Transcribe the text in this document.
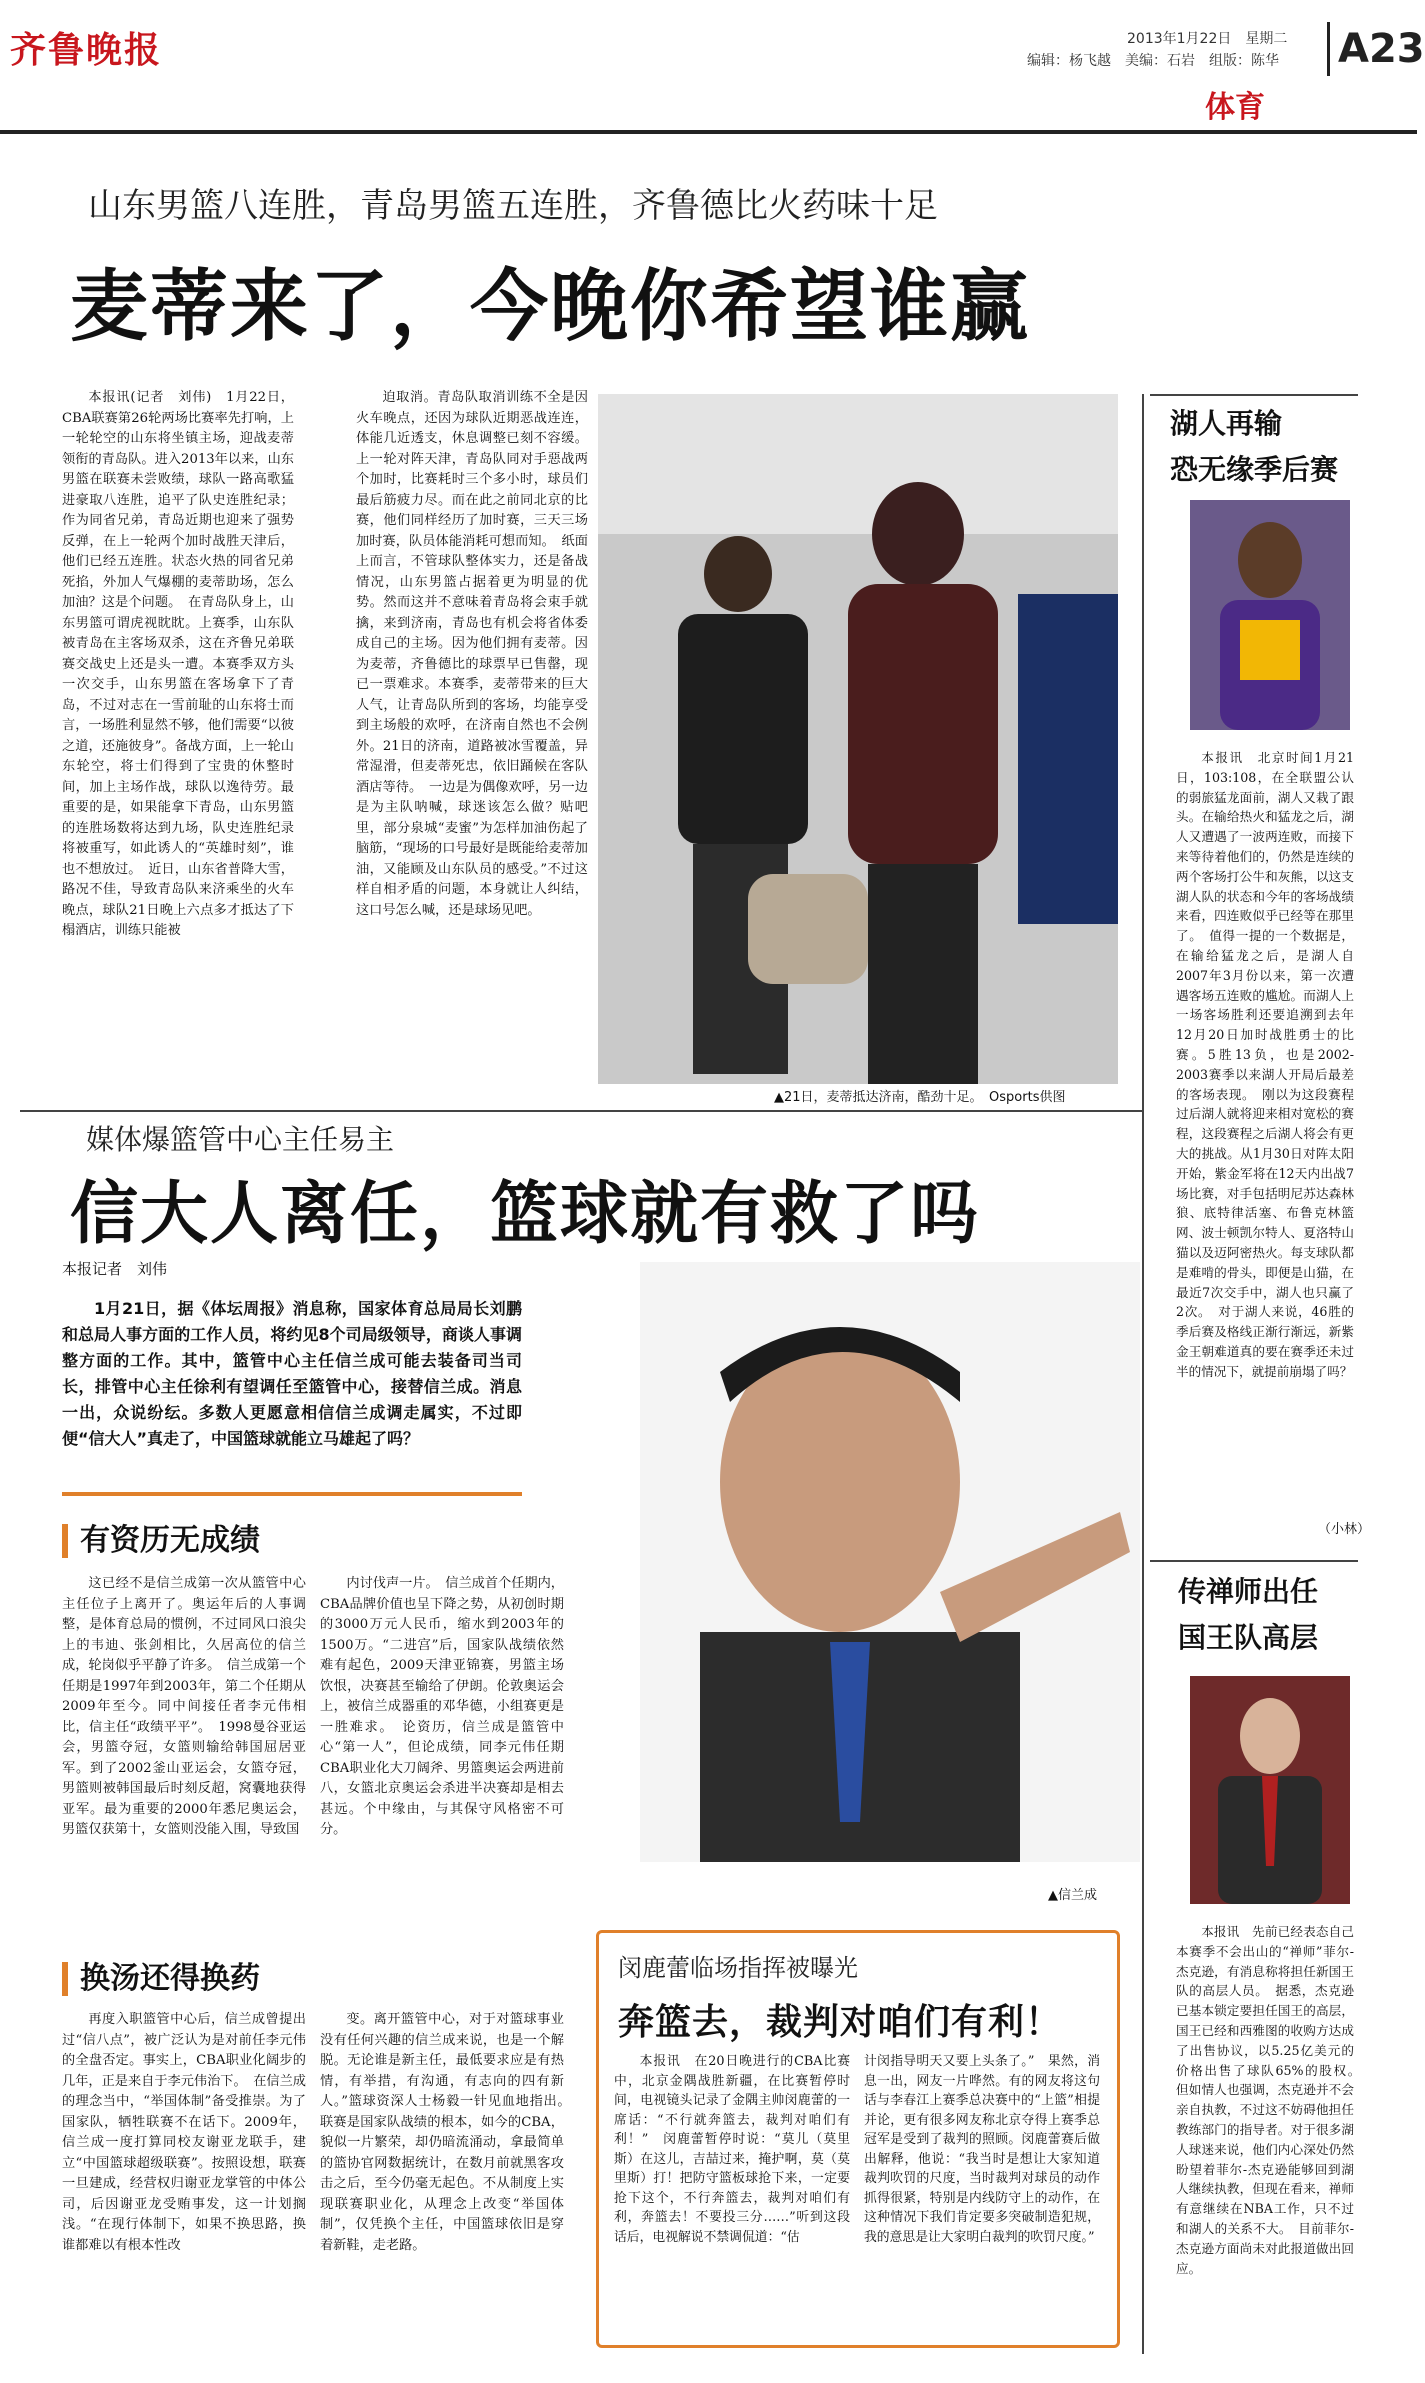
齐鲁晚报	2013年1月22日　星期二
编辑：杨飞越　美编：石岩　组版：陈华 A23
体育
山东男篮八连胜，青岛男篮五连胜，齐鲁德比火药味十足
麦蒂来了，今晚你希望谁赢
本报讯(记者　刘伟)　1月22日，CBA联赛第26轮两场比赛率先打响，上一轮轮空的山东将坐镇主场，迎战麦蒂领衔的青岛队。进入2013年以来，山东男篮在联赛未尝败绩，球队一路高歌猛进豪取八连胜，追平了队史连胜纪录；作为同省兄弟，青岛近期也迎来了强势反弹，在上一轮两个加时战胜天津后，他们已经五连胜。状态火热的同省兄弟死掐，外加人气爆棚的麦蒂助场，怎么加油？这是个问题。　在青岛队身上，山东男篮可谓虎视眈眈。上赛季，山东队被青岛在主客场双杀，这在齐鲁兄弟联赛交战史上还是头一遭。本赛季双方头一次交手，山东男篮在客场拿下了青岛，不过对志在一雪前耻的山东将士而言，一场胜利显然不够，他们需要“以彼之道，还施彼身”。备战方面，上一轮山东轮空，将士们得到了宝贵的休整时间，加上主场作战，球队以逸待劳。最重要的是，如果能拿下青岛，山东男篮的连胜场数将达到九场，队史连胜纪录将被重写，如此诱人的“英雄时刻”，谁也不想放过。　近日，山东省普降大雪，路况不佳，导致青岛队来济乘坐的火车晚点，球队21日晚上六点多才抵达了下榻酒店，训练只能被
迫取消。青岛队取消训练不全是因火车晚点，还因为球队近期恶战连连，体能几近透支，休息调整已刻不容缓。上一轮对阵天津，青岛队同对手惡战两个加时，比赛耗时三个多小时，球员们最后筋疲力尽。而在此之前同北京的比赛，他们同样经历了加时赛，三天三场加时赛，队员体能消耗可想而知。　纸面上而言，不管球队整体实力，还是备战情况，山东男篮占据着更为明显的优势。然而这并不意味着青岛将会束手就擒，来到济南，青岛也有机会将省体委成自己的主场。因为他们拥有麦蒂。因为麦蒂，齐鲁德比的球票早已售罄，现已一票难求。本赛季，麦蒂带来的巨大人气，让青岛队所到的客场，均能享受到主场般的欢呼，在济南自然也不会例外。21日的济南，道路被冰雪覆盖，异常湿滑，但麦蒂死忠，依旧踊候在客队酒店等待。　一边是为偶像欢呼，另一边是为主队呐喊，球迷该怎么做？贴吧里，部分泉城“麦蜜”为怎样加油伤起了脑筋，“现场的口号最好是既能给麦蒂加油，又能顾及山东队员的感受。”不过这样自相矛盾的问题，本身就让人纠结，这口号怎么喊，还是球场见吧。
▲21日，麦蒂抵达济南，酷劲十足。　Osports供图
湖人再输
恐无缘季后赛
本报讯　北京时间1月21日，103:108，在全联盟公认的弱旅猛龙面前，湖人又栽了跟头。在输给热火和猛龙之后，湖人又遭遇了一波两连败，而接下来等待着他们的，仍然是连续的两个客场打公牛和灰熊，以这支湖人队的状态和今年的客场战绩来看，四连败似乎已经等在那里了。　值得一提的一个数据是，在输给猛龙之后，是湖人自2007年3月份以来，第一次遭遇客场五连败的尴尬。而湖人上一场客场胜利还要追溯到去年12月20日加时战胜勇士的比赛。5胜13负，也是2002-2003赛季以来湖人开局后最差的客场表现。　刚以为这段赛程过后湖人就将迎来相对宽松的赛程，这段赛程之后湖人将会有更大的挑战。从1月30日对阵太阳开始，紫金军将在12天内出战7场比赛，对手包括明尼苏达森林狼、底特律活塞、布鲁克林篮网、波士顿凯尔特人、夏洛特山猫以及迈阿密热火。每支球队都是难啃的骨头，即便是山猫，在最近7次交手中，湖人也只赢了2次。　对于湖人来说，46胜的季后赛及格线正渐行渐远，新紫金王朝难道真的要在赛季还未过半的情况下，就提前崩塌了吗？
（小林）
媒体爆篮管中心主任易主
信大人离任，篮球就有救了吗
本报记者　刘伟
1月21日，据《体坛周报》消息称，国家体育总局局长刘鹏和总局人事方面的工作人员，将约见8个司局级领导，商谈人事调整方面的工作。其中，篮管中心主任信兰成可能去装备司当司长，排管中心主任徐利有望调任至篮管中心，接替信兰成。消息一出，众说纷纭。多数人更愿意相信信兰成调走属实，不过即便“信大人”真走了，中国篮球就能立马雄起了吗？
▲信兰成
有资历无成绩
这已经不是信兰成第一次从篮管中心主任位子上离开了。奥运年后的人事调整，是体育总局的惯例，不过同风口浪尖上的韦迪、张剑相比，久居高位的信兰成，轮岗似乎平静了许多。　信兰成第一个任期是1997年到2003年，第二个任期从2009年至今。同中间接任者李元伟相比，信主任“政绩平平”。　1998曼谷亚运会，男篮夺冠，女篮则输给韩国屈居亚军。到了2002釜山亚运会，女篮夺冠，男篮则被韩国最后时刻反超，窝囊地获得亚军。最为重要的2000年悉尼奥运会，男篮仅获第十，女篮则没能入围，导致国
内讨伐声一片。　信兰成首个任期内，CBA品牌价值也呈下降之势，从初创时期的3000万元人民币，缩水到2003年的1500万。“二进宫”后，国家队战绩依然难有起色，2009天津亚锦赛，男篮主场饮恨，决赛甚至输给了伊朗。伦敦奥运会上，被信兰成器重的邓华德，小组赛更是一胜难求。　论资历，信兰成是篮管中心“第一人”，但论成绩，同李元伟任期CBA职业化大刀阔斧、男篮奥运会两进前八，女篮北京奥运会杀进半决赛却是相去甚远。个中缘由，与其保守风格密不可分。
换汤还得换药
再度入职篮管中心后，信兰成曾提出过“信八点”，被广泛认为是对前任李元伟的全盘否定。事实上，CBA职业化阔步的几年，正是来自于李元伟治下。　在信兰成的理念当中，“举国体制”备受推崇。为了国家队，牺牲联赛不在话下。2009年，信兰成一度打算同校友谢亚龙联手，建立“中国篮球超级联赛”。按照设想，联赛一旦建成，经营权归谢亚龙掌管的中体公司，后因谢亚龙受贿事发，这一计划搁浅。“在现行体制下，如果不换思路，换谁都难以有根本性改
变。离开篮管中心，对于对篮球事业没有任何兴趣的信兰成来说，也是一个解脱。无论谁是新主任，最低要求应是有热情，有举措，有沟通，有志向的四有新人。”篮球资深人士杨毅一针见血地指出。　联赛是国家队战绩的根本，如今的CBA，貌似一片繁荣，却仍暗流涌动，拿最简单的篮协官网数据统计，在数月前就黑客攻击之后，至今仍毫无起色。不从制度上实现联赛职业化，从理念上改变“举国体制”，仅凭换个主任，中国篮球依旧是穿着新鞋，走老路。
闵鹿蕾临场指挥被曝光
奔篮去，裁判对咱们有利！
本报讯　在20日晚进行的CBA比赛中，北京金隅战胜新疆，在比赛暂停时间，电视镜头记录了金隅主帅闵鹿蕾的一席话：“不行就奔篮去，裁判对咱们有利！”　闵鹿蕾暂停时说：“莫儿（莫里斯）在这儿，吉喆过来，掩护啊，莫（莫里斯）打！把防守篮板球抢下来，一定要抢下这个，不行奔篮去，裁判对咱们有利，奔篮去！不要投三分……”听到这段话后，电视解说不禁调侃道：“估
计闵指导明天又要上头条了。”　果然，消息一出，网友一片哗然。有的网友将这句话与李春江上赛季总决赛中的“上篮”相提并论，更有很多网友称北京夺得上赛季总冠军是受到了裁判的照顾。闵鹿蕾赛后做出解释，他说：“我当时是想让大家知道裁判吹罚的尺度，当时裁判对球员的动作抓得很紧，特别是内线防守上的动作，在这种情况下我们肯定要多突破制造犯规，我的意思是让大家明白裁判的吹罚尺度。”
传禅师出任
国王队高层
本报讯　先前已经表态自己本赛季不会出山的“禅师”菲尔-杰克逊，有消息称将担任新国王队的高层人员。　据悉，杰克逊已基本锁定要担任国王的高层，国王已经和西雅图的收购方达成了出售协议，以5.25亿美元的价格出售了球队65%的股权。　但如情人也强调，杰克逊并不会亲自执教，不过这不妨碍他担任教练部门的指导者。对于很多湖人球迷来说，他们内心深处仍然盼望着菲尔-杰克逊能够回到湖人继续执教，但现在看来，禅师有意继续在NBA工作，只不过和湖人的关系不大。　目前菲尔-杰克逊方面尚未对此报道做出回应。
